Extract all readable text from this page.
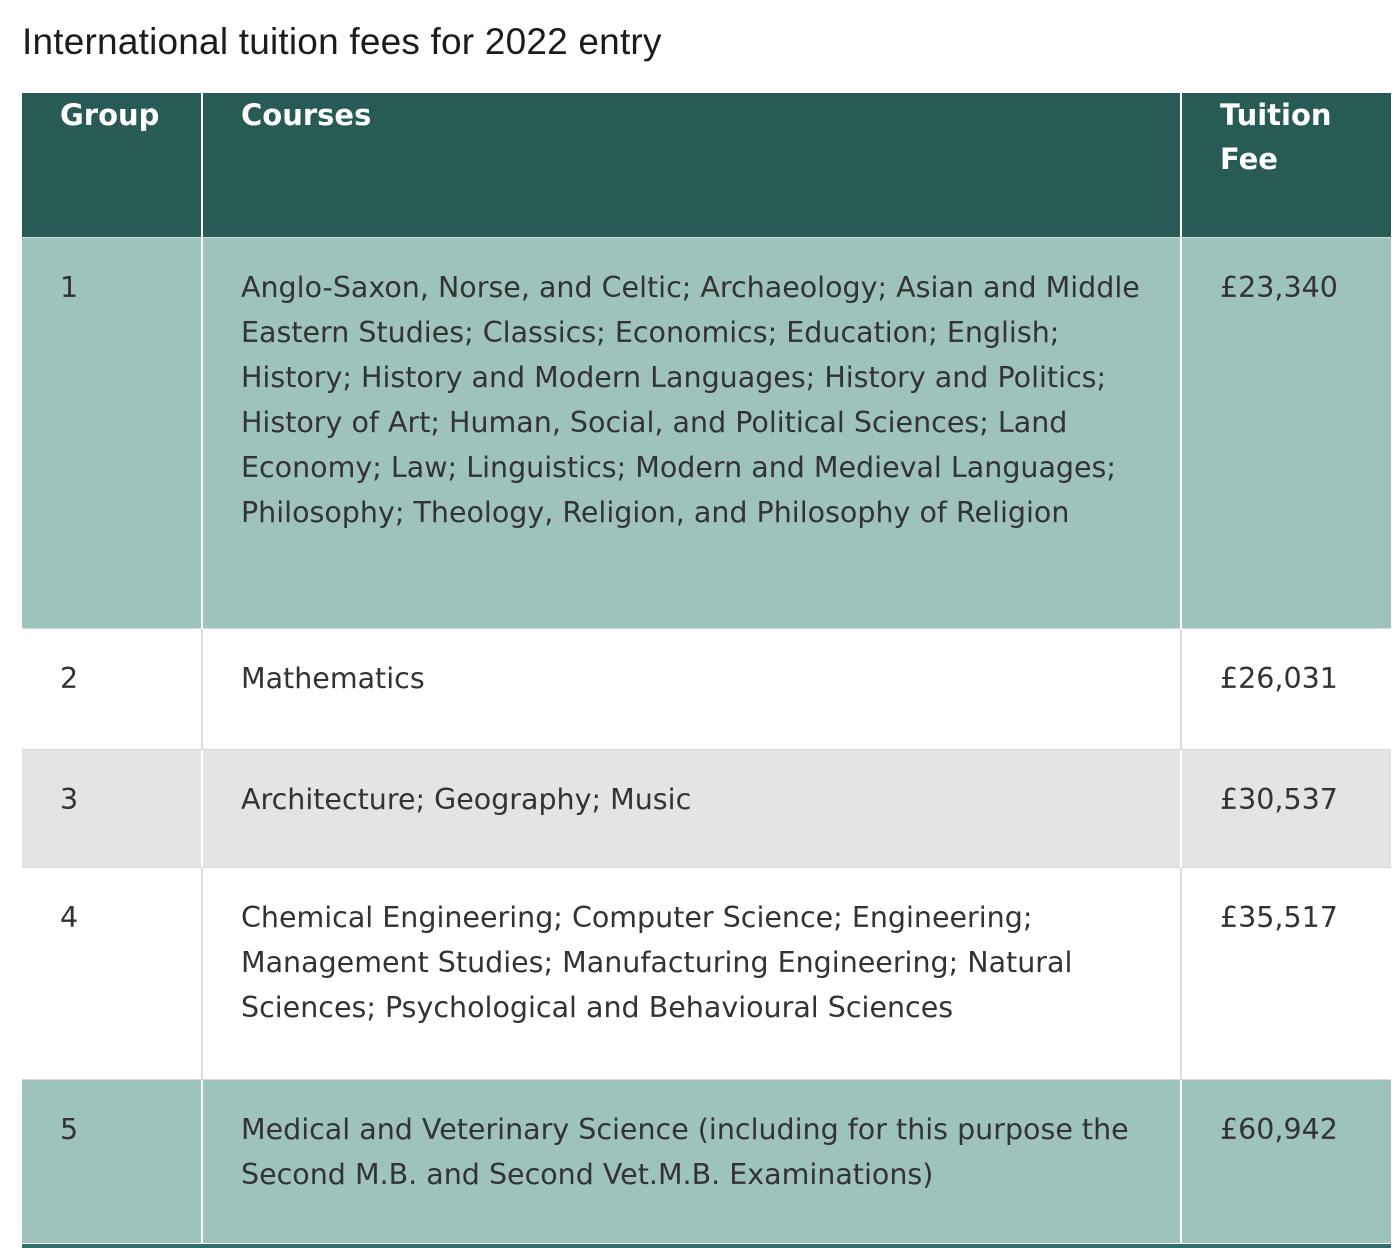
International tuition fees for 2022 entry
Group	Courses	Tuition Fee
1	Anglo-Saxon, Norse, and Celtic; Archaeology; Asian and Middle Eastern Studies; Classics; Economics; Education; English; History; History and Modern Languages; History and Politics; History of Art; Human, Social, and Political Sciences; Land Economy; Law; Linguistics; Modern and Medieval Languages; Philosophy; Theology, Religion, and Philosophy of Religion	£23,340
2	Mathematics	£26,031
3	Architecture; Geography; Music	£30,537
4	Chemical Engineering; Computer Science; Engineering; Management Studies; Manufacturing Engineering; Natural Sciences; Psychological and Behavioural Sciences	£35,517
5	Medical and Veterinary Science (including for this purpose the Second M.B. and Second Vet.M.B. Examinations)	£60,942
